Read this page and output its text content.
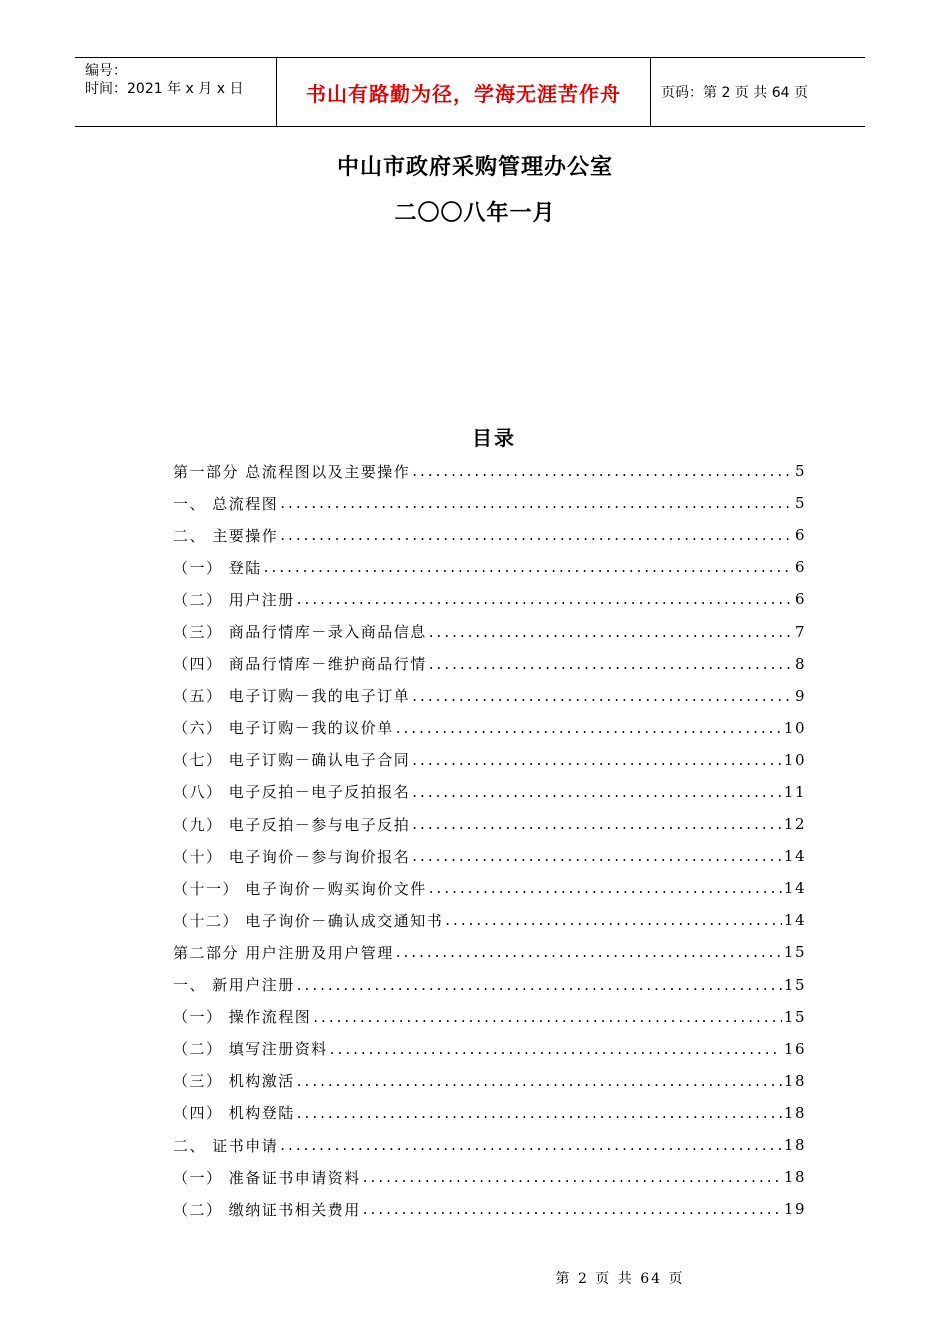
编号：
时间：2021 年 x 月 x 日	书山有路勤为径，学海无涯苦作舟	页码：第 2 页 共 64 页
中山市政府采购管理办公室
二〇〇八年一月
目录
第一部分 总流程图以及主要操作 .....	5
一、 总流程图 .....	5
二、 主要操作 .....	6
（一） 登陆 .....	6
（二） 用户注册 .....	6
（三） 商品行情库－录入商品信息 .....	7
（四） 商品行情库－维护商品行情 .....	8
（五） 电子订购－我的电子订单 .....	9
（六） 电子订购－我的议价单 .....	10
（七） 电子订购－确认电子合同 .....	10
（八） 电子反拍－电子反拍报名 .....	11
（九） 电子反拍－参与电子反拍 .....	12
（十） 电子询价－参与询价报名 .....	14
（十一） 电子询价－购买询价文件 .....	14
（十二） 电子询价－确认成交通知书 .....	14
第二部分 用户注册及用户管理 .....	15
一、 新用户注册 .....	15
（一） 操作流程图 .....	15
（二） 填写注册资料 .....	16
（三） 机构激活 .....	18
（四） 机构登陆 .....	18
二、 证书申请 .....	18
（一） 准备证书申请资料 .....	18
（二） 缴纳证书相关费用 .....	19
第 2 页 共 64 页
